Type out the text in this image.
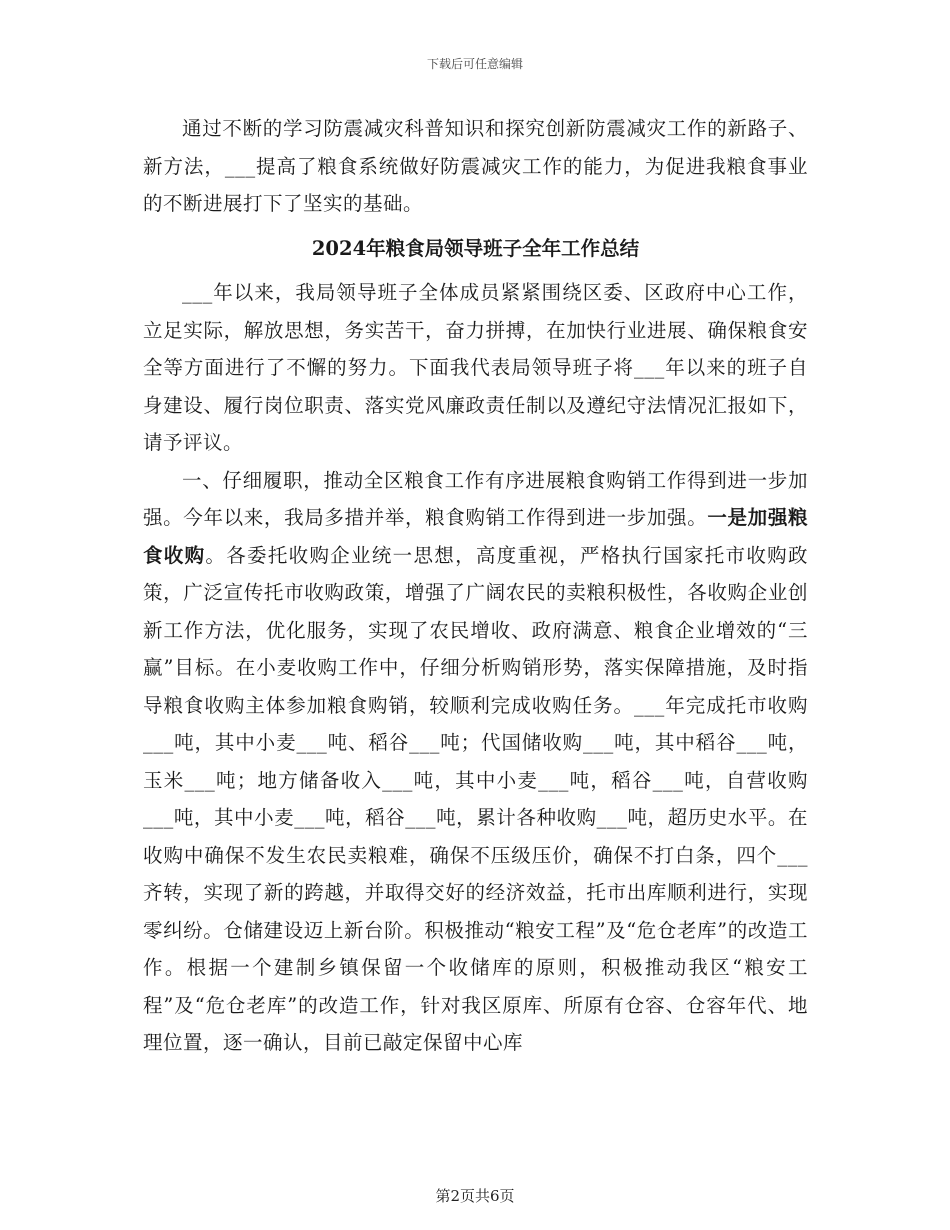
下载后可任意编辑

通过不断的学习防震减灾科普知识和探究创新防震减灾工作的新路子、新方法，___提高了粮食系统做好防震减灾工作的能力，为促进我粮食事业的不断进展打下了坚实的基础。

2024年粮食局领导班子全年工作总结

___年以来，我局领导班子全体成员紧紧围绕区委、区政府中心工作，立足实际，解放思想，务实苦干，奋力拼搏，在加快行业进展、确保粮食安全等方面进行了不懈的努力。下面我代表局领导班子将___年以来的班子自身建设、履行岗位职责、落实党风廉政责任制以及遵纪守法情况汇报如下，请予评议。

一、仔细履职，推动全区粮食工作有序进展粮食购销工作得到进一步加强。今年以来，我局多措并举，粮食购销工作得到进一步加强。一是加强粮食收购。各委托收购企业统一思想，高度重视，严格执行国家托市收购政策，广泛宣传托市收购政策，增强了广阔农民的卖粮积极性，各收购企业创新工作方法，优化服务，实现了农民增收、政府满意、粮食企业增效的“三赢”目标。在小麦收购工作中，仔细分析购销形势，落实保障措施，及时指导粮食收购主体参加粮食购销，较顺利完成收购任务。___年完成托市收购___吨，其中小麦___吨、稻谷___吨；代国储收购___吨，其中稻谷___吨，玉米___吨；地方储备收入___吨，其中小麦___吨，稻谷___吨，自营收购___吨，其中小麦___吨，稻谷___吨，累计各种收购___吨，超历史水平。在收购中确保不发生农民卖粮难，确保不压级压价，确保不打白条，四个___齐转，实现了新的跨越，并取得交好的经济效益，托市出库顺利进行，实现零纠纷。仓储建设迈上新台阶。积极推动“粮安工程”及“危仓老库”的改造工作。根据一个建制乡镇保留一个收储库的原则，积极推动我区“粮安工程”及“危仓老库”的改造工作，针对我区原库、所原有仓容、仓容年代、地理位置，逐一确认，目前已敲定保留中心库

第2页共6页
